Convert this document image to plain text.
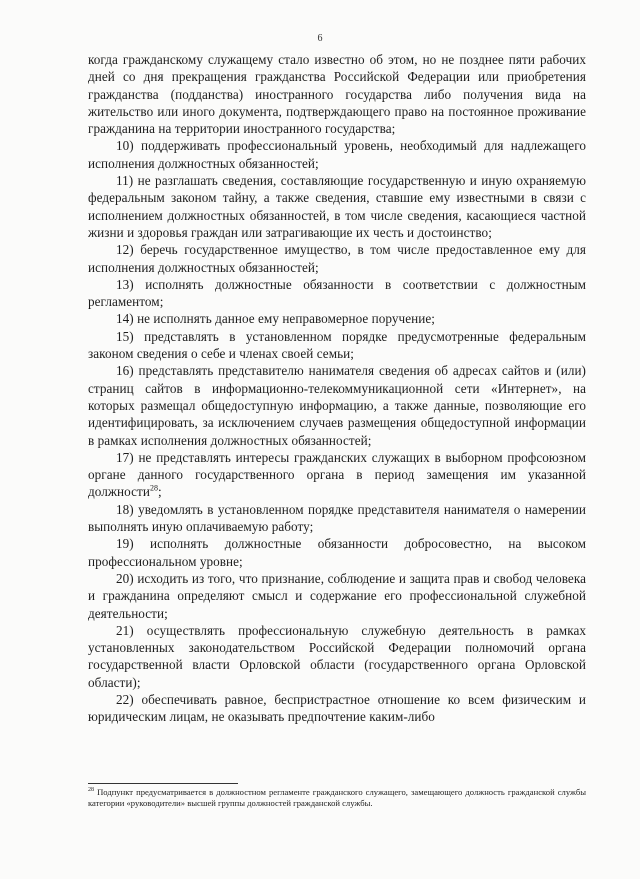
6

когда гражданскому служащему стало известно об этом, но не позднее пяти рабочих дней со дня прекращения гражданства Российской Федерации или приобретения гражданства (подданства) иностранного государства либо получения вида на жительство или иного документа, подтверждающего право на постоянное проживание гражданина на территории иностранного государства;

10) поддерживать профессиональный уровень, необходимый для надлежащего исполнения должностных обязанностей;

11) не разглашать сведения, составляющие государственную и иную охраняемую федеральным законом тайну, а также сведения, ставшие ему известными в связи с исполнением должностных обязанностей, в том числе сведения, касающиеся частной жизни и здоровья граждан или затрагивающие их честь и достоинство;

12) беречь государственное имущество, в том числе предоставленное ему для исполнения должностных обязанностей;

13) исполнять должностные обязанности в соответствии с должностным регламентом;

14) не исполнять данное ему неправомерное поручение;

15) представлять в установленном порядке предусмотренные федеральным законом сведения о себе и членах своей семьи;

16) представлять представителю нанимателя сведения об адресах сайтов и (или) страниц сайтов в информационно-телекоммуникационной сети «Интернет», на которых размещал общедоступную информацию, а также данные, позволяющие его идентифицировать, за исключением случаев размещения общедоступной информации в рамках исполнения должностных обязанностей;

17) не представлять интересы гражданских служащих в выборном профсоюзном органе данного государственного органа в период замещения им указанной должности$^{28}$;

18) уведомлять в установленном порядке представителя нанимателя о намерении выполнять иную оплачиваемую работу;

19) исполнять должностные обязанности добросовестно, на высоком профессиональном уровне;

20) исходить из того, что признание, соблюдение и защита прав и свобод человека и гражданина определяют смысл и содержание его профессиональной служебной деятельности;

21) осуществлять профессиональную служебную деятельность в рамках установленных законодательством Российской Федерации полномочий органа государственной власти Орловской области (государственного органа Орловской области);

22) обеспечивать равное, беспристрастное отношение ко всем физическим и юридическим лицам, не оказывать предпочтение каким-либо

$^{28}$ Подпункт предусматривается в должностном регламенте гражданского служащего, замещающего должность гражданской службы категории «руководители» высшей группы должностей гражданской службы.
